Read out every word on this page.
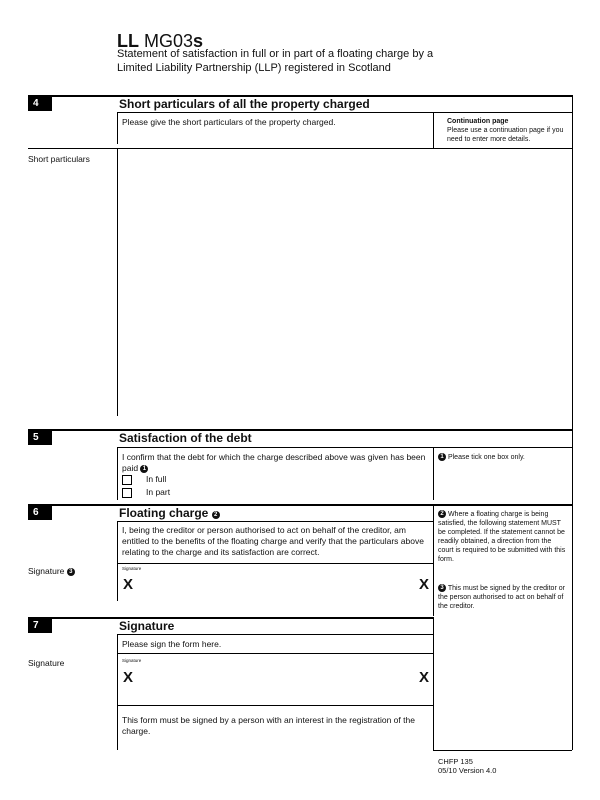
LL MG03s
Statement of satisfaction in full or in part of a floating charge by a Limited Liability Partnership (LLP) registered in Scotland
4	Short particulars of all the property charged
Please give the short particulars of the property charged.	Continuation page
Please use a continuation page if you need to enter more details.
Short particulars
5	Satisfaction of the debt
I confirm that the debt for which the charge described above was given has been paid 1
In full
In part
1 Please tick one box only.
6	Floating charge 2
I, being the creditor or person authorised to act on behalf of the creditor, am entitled to the benefits of the floating charge and verify that the particulars above relating to the charge and its satisfaction are correct.
Signature 3
Signature
X	X
2 Where a floating charge is being satisfied, the following statement MUST be completed. If the statement cannot be readily obtained, a direction from the court is required to be submitted with this form.
3 This must be signed by the creditor or the person authorised to act on behalf of the creditor.
7	Signature
Please sign the form here.
Signature	Signature
X	X
This form must be signed by a person with an interest in the registration of the charge.
CHFP 135
05/10 Version 4.0
